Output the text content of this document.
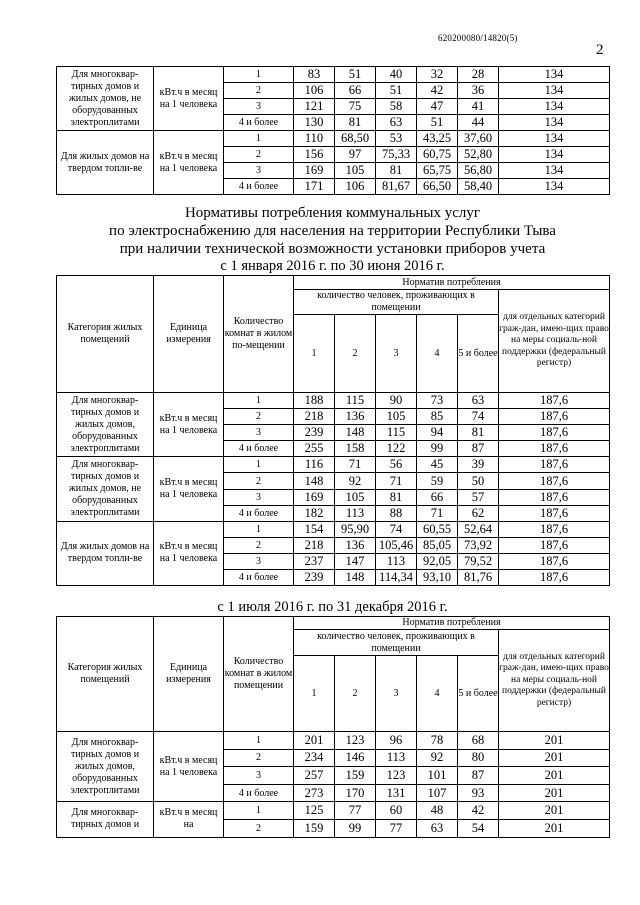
620200080/14820(5)
2
Для многоквар-тирных домов и жилых домов, не оборудованных электроплитами	кВт.ч в месяц на 1 человека	1	83	51	40	32	28	134
		2	106	66	51	42	36	134
		3	121	75	58	47	41	134
		4 и более	130	81	63	51	44	134
Для жилых домов на твердом топли-ве	кВт.ч в месяц на 1 человека	1	110	68,50	53	43,25	37,60	134
		2	156	97	75,33	60,75	52,80	134
		3	169	105	81	65,75	56,80	134
		4 и более	171	106	81,67	66,50	58,40	134
Нормативы потребления коммунальных услуг
по электроснабжению для населения на территории Республики Тыва
при наличии технической возможности установки приборов учета
с 1 января 2016 г. по 30 июня 2016 г.
Категория жилых помещений	Единица измерения	Количество комнат в жилом по-мещении	Норматив потребления					
			количество человек, проживающих в помещении					для отдельных категорий граж-дан, имею-щих право на меры социаль-ной поддержки (федеральный регистр)
			1	2	3	4	5 и более	
Для многоквар-тирных домов и жилых домов, оборудованных электроплитами	кВт.ч в месяц на 1 человека	1	188	115	90	73	63	187,6
		2	218	136	105	85	74	187,6
		3	239	148	115	94	81	187,6
		4 и более	255	158	122	99	87	187,6
Для многоквар-тирных домов и жилых домов, не оборудованных электроплитами	кВт.ч в месяц на 1 человека	1	116	71	56	45	39	187,6
		2	148	92	71	59	50	187,6
		3	169	105	81	66	57	187,6
		4 и более	182	113	88	71	62	187,6
Для жилых домов на твердом топли-ве	кВт.ч в месяц на 1 человека	1	154	95,90	74	60,55	52,64	187,6
		2	218	136	105,46	85,05	73,92	187,6
		3	237	147	113	92,05	79,52	187,6
		4 и более	239	148	114,34	93,10	81,76	187,6
с 1 июля 2016 г. по 31 декабря 2016 г.
Категория жилых помещений	Единица измерения	Количество комнат в жилом помещении	Норматив потребления					
			количество человек, проживающих в помещении					для отдельных категорий граж-дан, имею-щих право на меры социаль-ной поддержки (федеральный регистр)
			1	2	3	4	5 и более	
Для многоквар-тирных домов и жилых домов, оборудованных электроплитами	кВт.ч в месяц на 1 человека	1	201	123	96	78	68	201
		2	234	146	113	92	80	201
		3	257	159	123	101	87	201
		4 и более	273	170	131	107	93	201
Для многоквар-тирных домов и	кВт.ч в месяц на	1	125	77	60	48	42	201
		2	159	99	77	63	54	201
